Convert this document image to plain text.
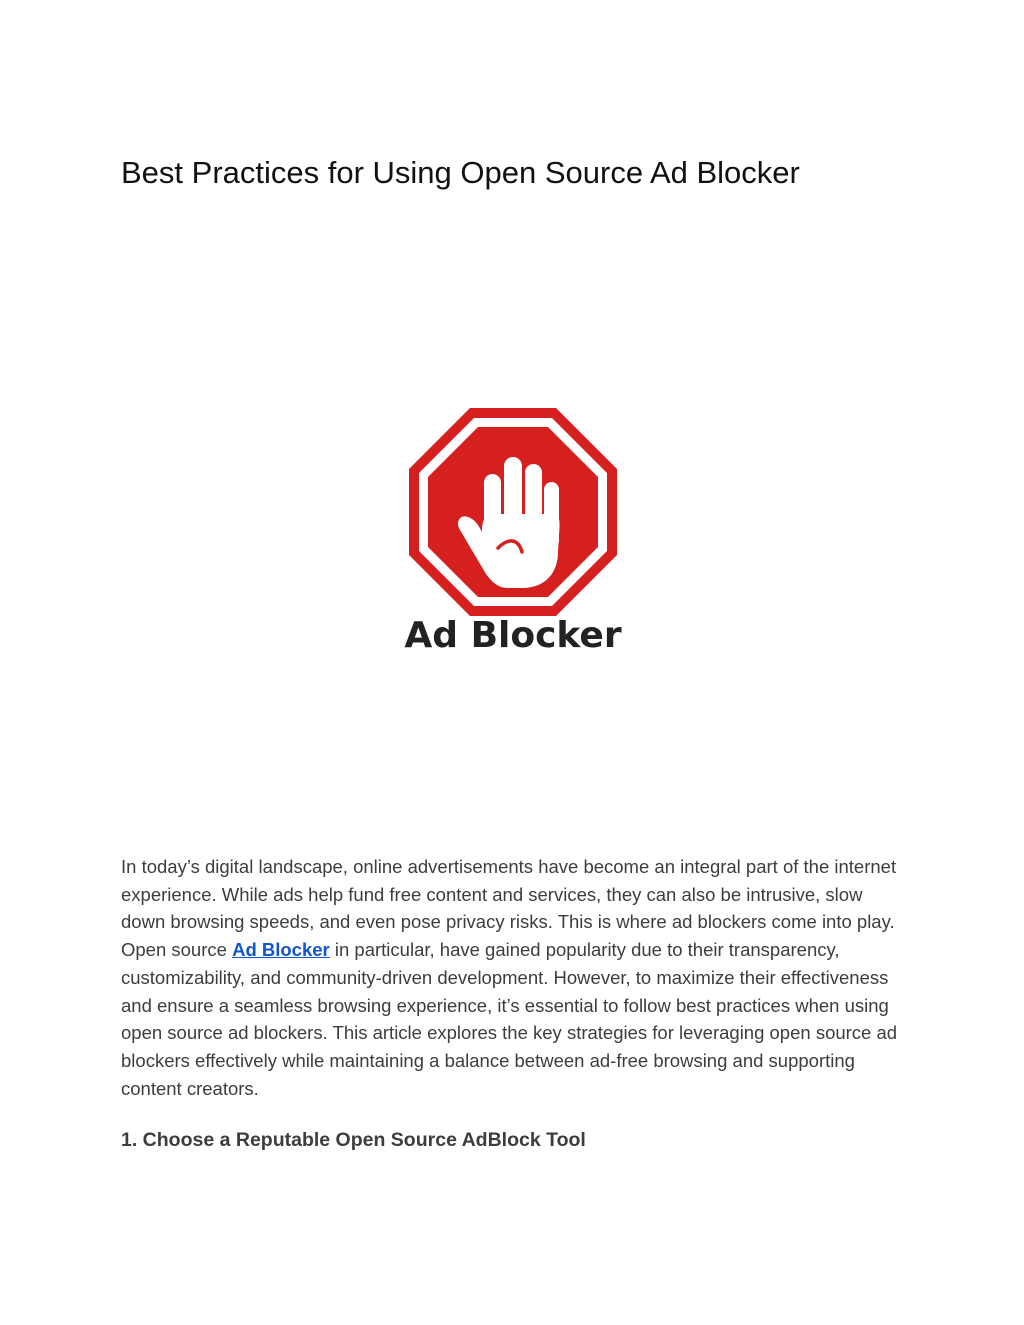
Best Practices for Using Open Source Ad Blocker
Ad Blocker

In today’s digital landscape, online advertisements have become an integral part of the internet experience. While ads help fund free content and services, they can also be intrusive, slow down browsing speeds, and even pose privacy risks. This is where ad blockers come into play. Open source Ad Blocker in particular, have gained popularity due to their transparency, customizability, and community-driven development. However, to maximize their effectiveness and ensure a seamless browsing experience, it’s essential to follow best practices when using open source ad blockers. This article explores the key strategies for leveraging open source ad blockers effectively while maintaining a balance between ad-free browsing and supporting content creators.

1. Choose a Reputable Open Source AdBlock Tool
